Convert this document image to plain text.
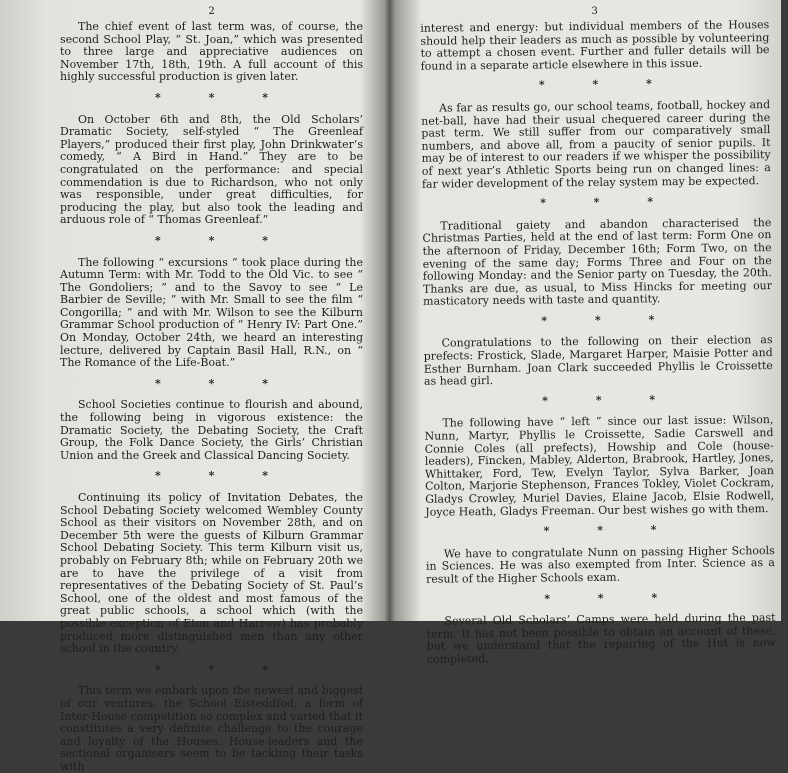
2

The chief event of last term was, of course, the second School Play, “ St. Joan,” which was presented to three large and appreciative audiences on November 17th, 18th, 19th. A full account of this highly successful production is given later.

* * *

On October 6th and 8th, the Old Scholars’ Dramatic Society, self-styled “ The Greenleaf Players,” produced their first play, John Drinkwater’s comedy, “ A Bird in Hand.” They are to be congratulated on the performance: and special commendation is due to Richardson, who not only was responsible, under great difficulties, for producing the play, but also took the leading and arduous role of “ Thomas Greenleaf.”

* * *

The following “ excursions ” took place during the Autumn Term: with Mr. Todd to the Old Vic. to see “ The Gondoliers; ” and to the Savoy to see “ Le Barbier de Seville; ” with Mr. Small to see the film “ Congorilla; ” and with Mr. Wilson to see the Kilburn Grammar School production of “ Henry IV: Part One.” On Monday, October 24th, we heard an interesting lecture, delivered by Captain Basil Hall, R.N., on “ The Romance of the Life-Boat.”

* * *

School Societies continue to flourish and abound, the following being in vigorous existence: the Dramatic Society, the Debating Society, the Craft Group, the Folk Dance Society, the Girls’ Christian Union and the Greek and Classical Dancing Society.

* * *

Continuing its policy of Invitation Debates, the School Debating Society welcomed Wembley County School as their visitors on November 28th, and on December 5th were the guests of Kilburn Grammar School Debating Society. This term Kilburn visit us, probably on February 8th; while on February 20th we are to have the privilege of a visit from representatives of the Debating Society of St. Paul’s School, one of the oldest and most famous of the great public schools, a school which (with the possible exception of Eton and Harrow) has probably produced more distinguished men than any other school in the country.

* * *

This term we embark upon the newest and biggest of our ventures, the School Eisteddfod, a form of Inter-House competition so complex and varied that it constitutes a very definite challenge to the courage and loyalty of the Houses. House-leaders and the sectional organisers seem to be tackling their tasks with

3

interest and energy: but individual members of the Houses should help their leaders as much as possible by volunteering to attempt a chosen event. Further and fuller details will be found in a separate article elsewhere in this issue.

* * *

As far as results go, our school teams, football, hockey and net-ball, have had their usual chequered career during the past term. We still suffer from our comparatively small numbers, and above all, from a paucity of senior pupils. It may be of interest to our readers if we whisper the possibility of next year’s Athletic Sports being run on changed lines: a far wider development of the relay system may be expected.

* * *

Traditional gaiety and abandon characterised the Christmas Parties, held at the end of last term: Form One on the afternoon of Friday, December 16th; Form Two, on the evening of the same day; Forms Three and Four on the following Monday: and the Senior party on Tuesday, the 20th. Thanks are due, as usual, to Miss Hincks for meeting our masticatory needs with taste and quantity.

* * *

Congratulations to the following on their election as prefects: Frostick, Slade, Margaret Harper, Maisie Potter and Esther Burnham. Joan Clark succeeded Phyllis le Croissette as head girl.

* * *

The following have “ left ” since our last issue: Wilson, Nunn, Martyr, Phyllis le Croissette, Sadie Carswell and Connie Coles (all prefects), Howship and Cole (house-leaders), Fincken, Mabley, Alderton, Brabrook, Hartley, Jones, Whittaker, Ford, Tew, Evelyn Taylor, Sylva Barker, Joan Colton, Marjorie Stephenson, Frances Tokley, Violet Cockram, Gladys Crowley, Muriel Davies, Elaine Jacob, Elsie Rodwell, Joyce Heath, Gladys Freeman. Our best wishes go with them.

* * *

We have to congratulate Nunn on passing Higher Schools in Sciences. He was also exempted from Inter. Science as a result of the Higher Schools exam.

* * *

Several Old Scholars’ Camps were held during the past term. It has not been possible to obtain an account of these, but we understand that the repairing of the Hut is now completed.
